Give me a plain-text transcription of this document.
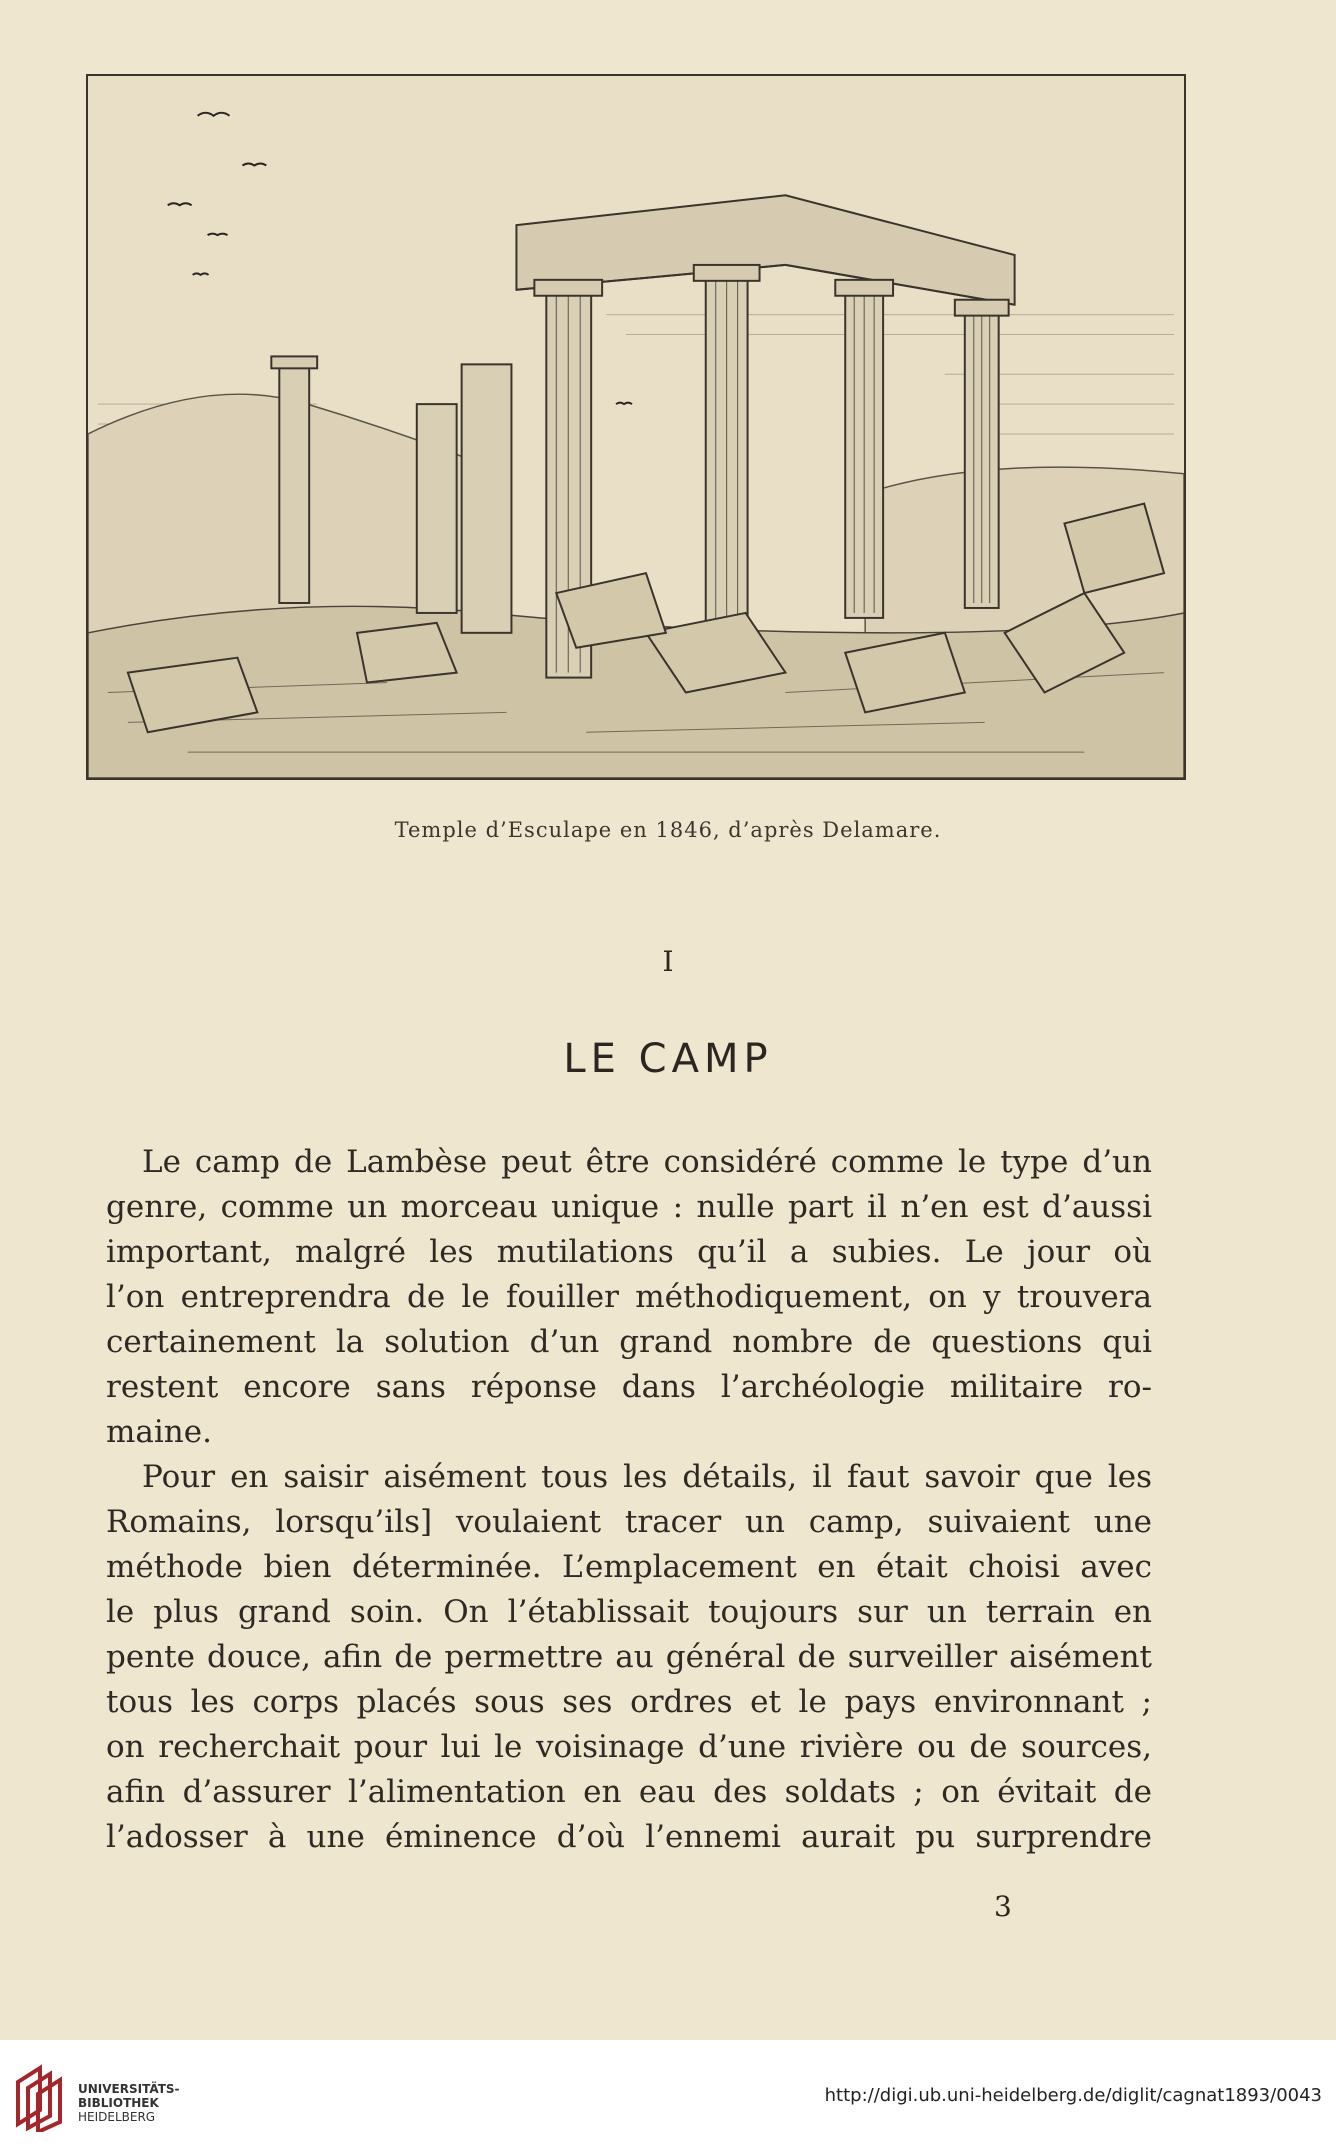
Temple d’Esculape en 1846, d’après Delamare.
I
LE CAMP
Le camp de Lambèse peut être considéré comme le type d’un
genre, comme un morceau unique : nulle part il n’en est d’aussi
important, malgré les mutilations qu’il a subies. Le jour où
l’on entreprendra de le fouiller méthodiquement, on y trouvera
certainement la solution d’un grand nombre de questions qui
restent encore sans réponse dans l’archéologie militaire ro-
maine.
Pour en saisir aisément tous les détails, il faut savoir que les
Romains, lorsqu’ils] voulaient tracer un camp, suivaient une
méthode bien déterminée. L’emplacement en était choisi avec
le plus grand soin. On l’établissait toujours sur un terrain en
pente douce, afin de permettre au général de surveiller aisément
tous les corps placés sous ses ordres et le pays environnant ;
on recherchait pour lui le voisinage d’une rivière ou de sources,
afin d’assurer l’alimentation en eau des soldats ; on évitait de
l’adosser à une éminence d’où l’ennemi aurait pu surprendre
3
UNIVERSITÄTS-
BIBLIOTHEK
HEIDELBERG
http://digi.ub.uni-heidelberg.de/diglit/cagnat1893/0043
